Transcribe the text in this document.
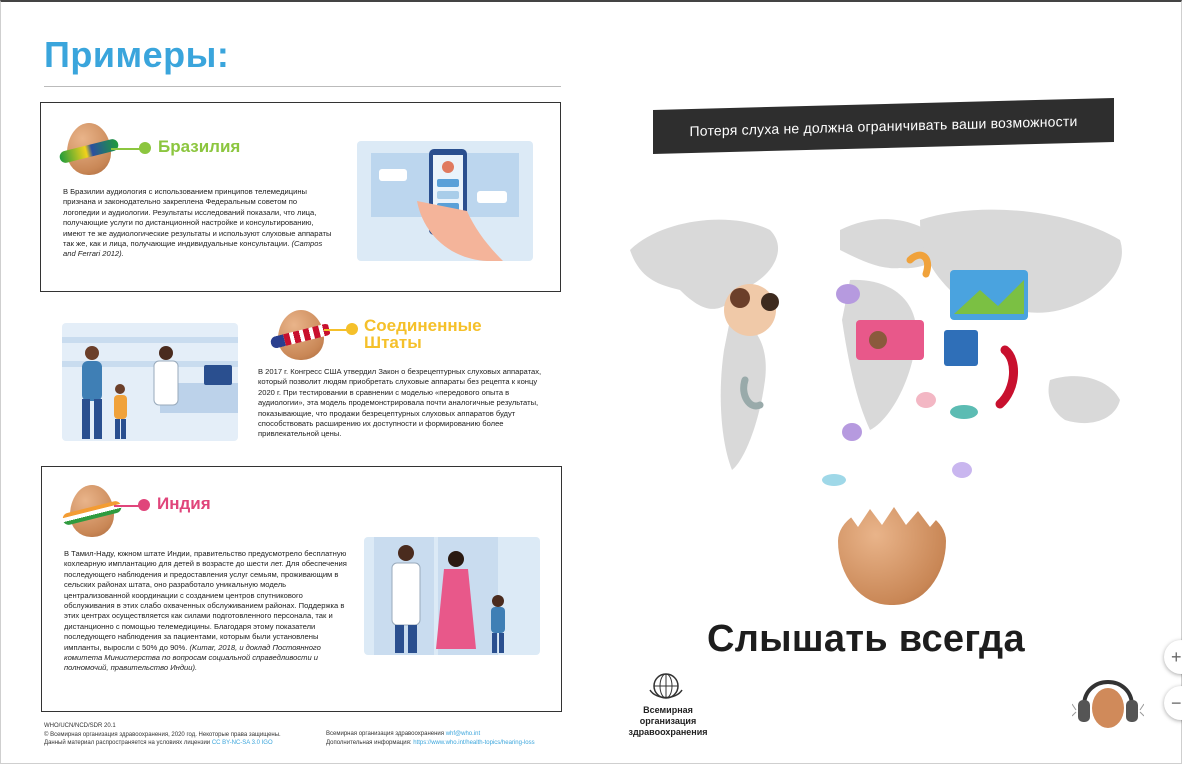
Примеры:
Бразилия
В Бразилии аудиология с использованием принципов телемедицины признана и законодательно закреплена Федеральным советом по логопедии и аудиологии. Результаты исследований показали, что лица, получающие услуги по дистанционной настройке и консультированию, имеют те же аудиологические результаты и используют слуховые аппараты так же, как и лица, получающие индивидуальные консультации. (Campos and Ferrari 2012).
Соединенные
Штаты
В 2017 г. Конгресс США утвердил Закон о безрецептурных слуховых аппаратах, который позволит людям приобретать слуховые аппараты без рецепта к концу 2020 г. При тестировании в сравнении с моделью «передового опыта в аудиологии», эта модель продемонстрировала почти аналогичные результаты, показывающие, что продажи безрецептурных слуховых аппаратов будут способствовать расширению их доступности и формированию более привлекательной цены.
Индия
В Тамил-Наду, южном штате Индии, правительство предусмотрело бесплатную кохлеарную имплантацию для детей в возрасте до шести лет. Для обеспечения последующего наблюдения и предоставления услуг семьям, проживающим в сельских районах штата, оно разработало уникальную модель централизованной координации с созданием центров спутникового обслуживания в этих слабо охваченных обслуживанием районах. Поддержка в этих центрах осуществляется как силами подготовленного персонала, так и дистанционно с помощью телемедицины. Благодаря этому показатели последующего наблюдения за пациентами, которым были установлены импланты, выросли с 50% до 90%. (Kumar, 2018, и доклад Постоянного комитета Министерства по вопросам социальной справедливости и полномочий, правительство Индии).
WHO/UCN/NCD/SDR 20.1
© Всемирная организация здравоохранения, 2020 год. Некоторые права защищены.
Данный материал распространяется на условиях лицензии CC BY-NC-SA 3.0 IGO
Всемирная организация здравоохранения whf@who.int
Дополнительная информация: https://www.who.int/health-topics/hearing-loss
Потеря слуха не должна ограничивать ваши возможности
Слышать всегда
Всемирная организация
здравоохранения
+
−
